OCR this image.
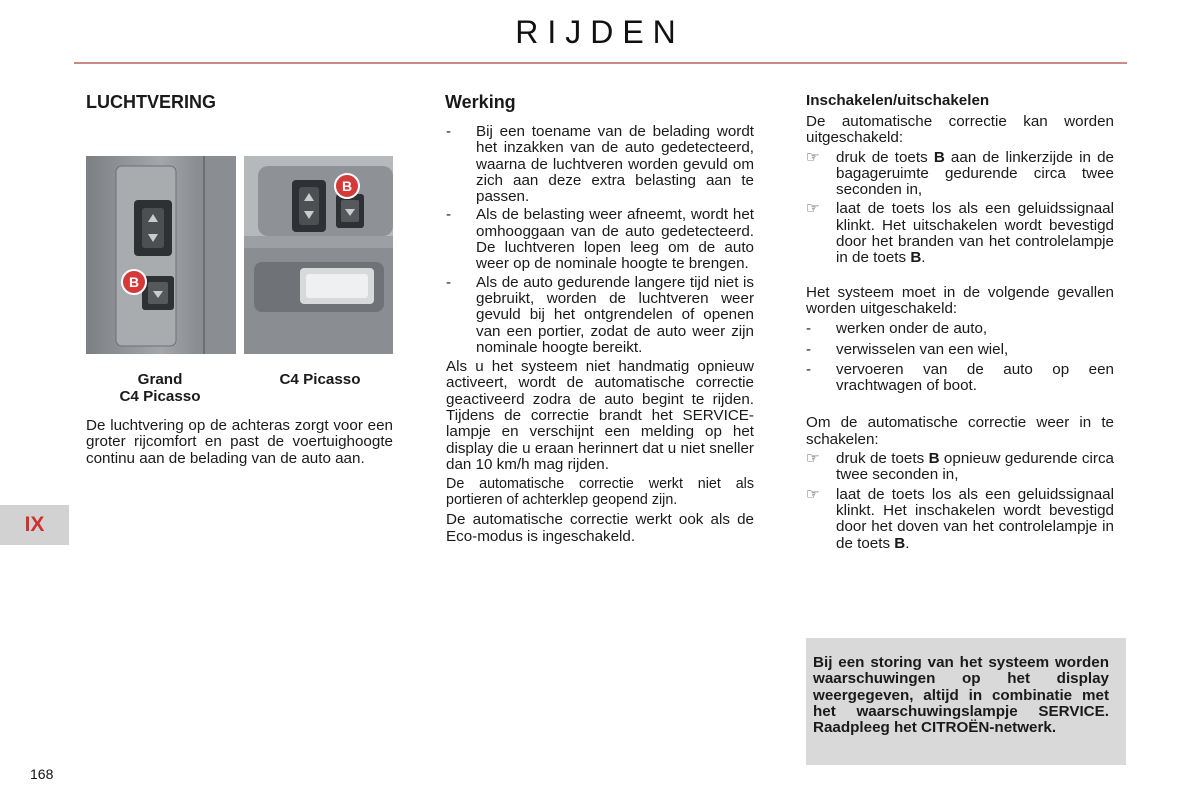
RIJDEN
IX
168
LUCHTVERING
B
B
Grand
C4 Picasso
C4 Picasso
De luchtvering op de achteras zorgt voor een groter rijcomfort en past de voertuighoogte continu aan de belading van de auto aan.
Werking
-	Bij een toename van de belading wordt het inzakken van de auto gedetecteerd, waarna de luchtveren worden gevuld om zich aan deze extra belasting aan te passen.
-	Als de belasting weer afneemt, wordt het omhooggaan van de auto gedetecteerd. De luchtveren lopen leeg om de auto weer op de nominale hoogte te brengen.
-	Als de auto gedurende langere tijd niet is gebruikt, worden de luchtveren weer gevuld bij het ontgrendelen of openen van een portier, zodat de auto weer zijn nominale hoogte bereikt.
Als u het systeem niet handmatig opnieuw activeert, wordt de automatische correctie geactiveerd zodra de auto begint te rijden. Tijdens de correctie brandt het SERVICE-lampje en verschijnt een melding op het display die u eraan herinnert dat u niet sneller dan 10 km/h mag rijden.
De automatische correctie werkt niet als portieren of achterklep geopend zijn.
De automatische correctie werkt ook als de Eco-modus is ingeschakeld.
Inschakelen/uitschakelen
De automatische correctie kan worden uitgeschakeld:
☞	druk de toets B aan de linkerzijde in de bagageruimte gedurende circa twee seconden in,
☞	laat de toets los als een geluidssignaal klinkt. Het uitschakelen wordt bevestigd door het branden van het controlelampje in de toets B.
Het systeem moet in de volgende gevallen worden uitgeschakeld:
-	werken onder de auto,
-	verwisselen van een wiel,
-	vervoeren van de auto op een vrachtwagen of boot.
Om de automatische correctie weer in te schakelen:
☞	druk de toets B opnieuw gedurende circa twee seconden in,
☞	laat de toets los als een geluidssignaal klinkt. Het inschakelen wordt bevestigd door het doven van het controlelampje in de toets B.
Bij een storing van het systeem worden waarschuwingen op het display weergegeven, altijd in combinatie met het waarschuwingslampje SERVICE. Raadpleeg het CITROËN-netwerk.
